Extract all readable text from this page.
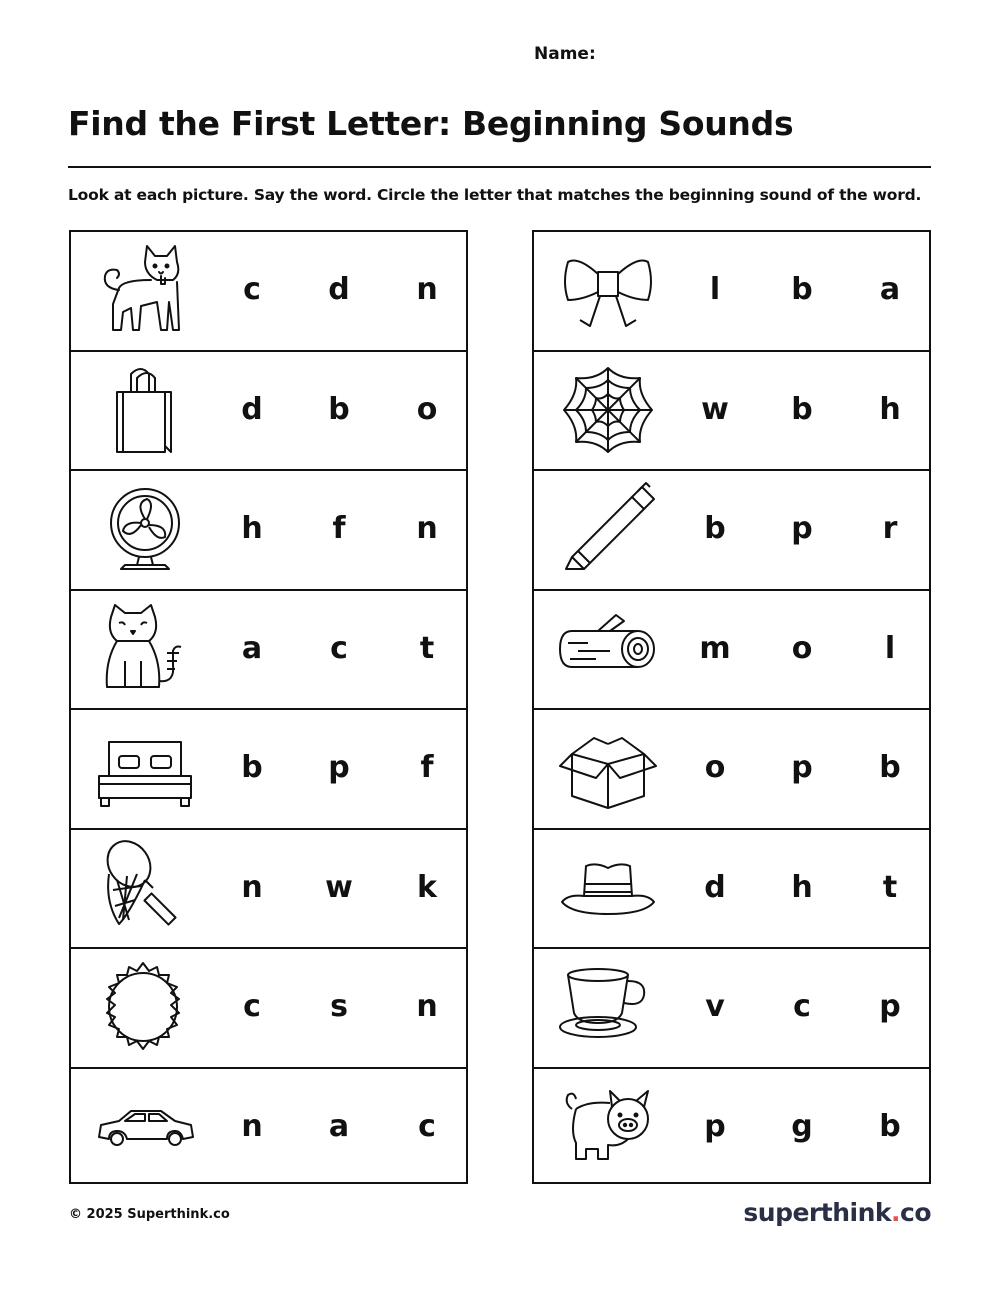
Name:
Find the First Letter: Beginning Sounds
Look at each picture. Say the word. Circle the letter that matches the beginning sound of the word.
c	d	n
d	b	o
h	f	n
a	c	t
b	p	f
n	w	k
c	s	n
n	a	c
l	b	a
w	b	h
b	p	r
m	o	l
o	p	b
d	h	t
v	c	p
p	g	b
© 2025 Superthink.co	superthink.co
